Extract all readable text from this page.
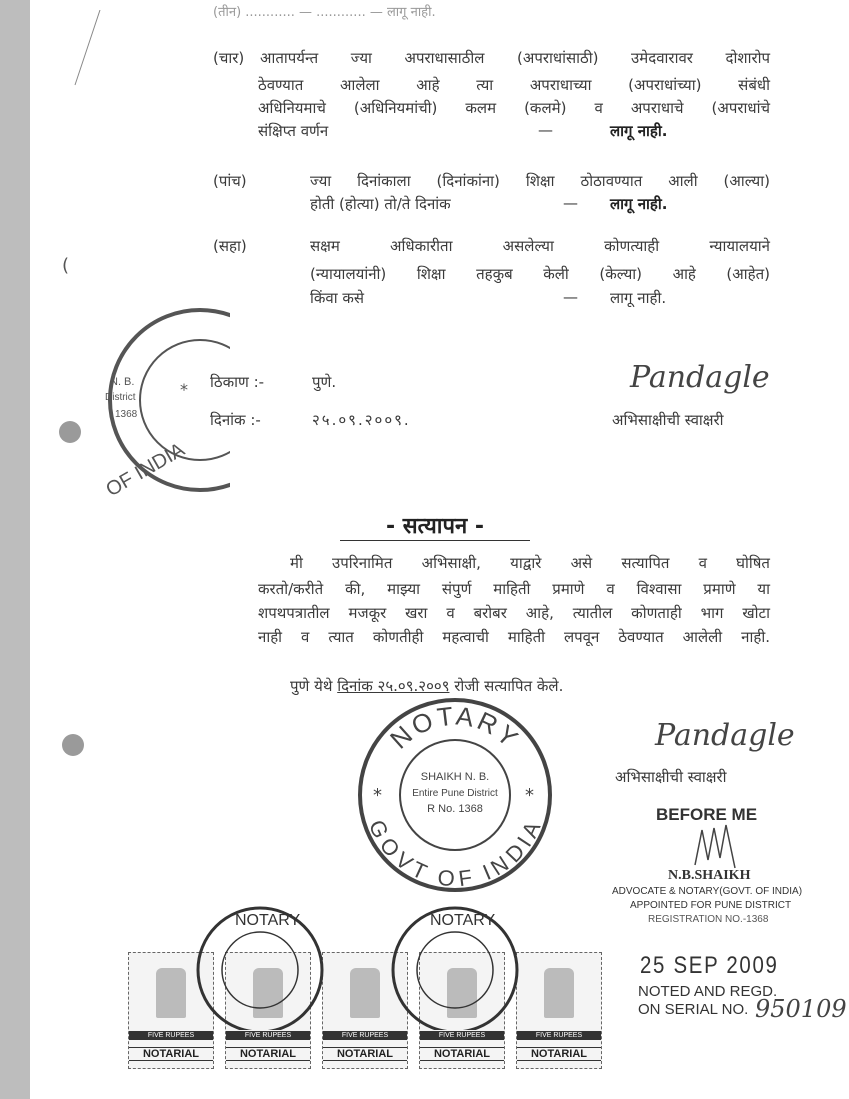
(
(तीन) ............ — ............ — लागू नाही.
(चार) आतापर्यन्त ज्या अपराधासाठील (अपराधांसाठी) उमेदवारावर दोशारोप
ठेवण्यात आलेला आहे त्या अपराधाच्या (अपराधांच्या) संबंधी
अधिनियमाचे (अधिनियमांची) कलम (कलमे) व अपराधाचे (अपराधांचे
संक्षिप्त वर्णन	—	लागू नाही.
(पांच)	ज्या दिनांकाला (दिनांकांना) शिक्षा ठोठावण्यात आली (आल्या)
होती (होत्या) तो/ते दिनांक	— लागू नाही.
(सहा)	सक्षम अधिकारीता असलेल्या कोणत्याही न्यायालयाने
(न्यायालयांनी) शिक्षा तहकुब केली (केल्या) आहे (आहेत)
किंवा कसे	— लागू नाही.
N. B.
District
1368
*
OF INDIA
ठिकाण :-	पुणे.
दिनांक :-	२५.०९.२००९.
Pandagle
अभिसाक्षीची स्वाक्षरी
- सत्यापन -
मी उपरिनामित अभिसाक्षी, याद्वारे असे सत्यापित व घोषित
करतो/करीते की, माझ्या संपुर्ण माहिती प्रमाणे व विश्वासा प्रमाणे या
शपथपत्रातील मजकूर खरा व बरोबर आहे, त्यातील कोणताही भाग खोटा
नाही व त्यात कोणतीही महत्वाची माहिती लपवून ठेवण्यात आलेली नाही.
पुणे येथे दिनांक २५.०९.२००९ रोजी सत्यापित केले.
NOTARY
GOVT OF INDIA
SHAIKH N. B.
Entire Pune District
R No. 1368
*	*
Pandagle
अभिसाक्षीची स्वाक्षरी
BEFORE ME
N.B.SHAIKH
ADVOCATE & NOTARY(GOVT. OF INDIA)
APPOINTED FOR PUNE DISTRICT
REGISTRATION NO.-1368
25 SEP 2009
NOTED AND REGD.
ON SERIAL NO. 950109
FIVE RUPEES
NOTARIAL
FIVE RUPEES
NOTARIAL
FIVE RUPEES
NOTARIAL
FIVE RUPEES
NOTARIAL
FIVE RUPEES
NOTARIAL
NOTARY	NOTARY
